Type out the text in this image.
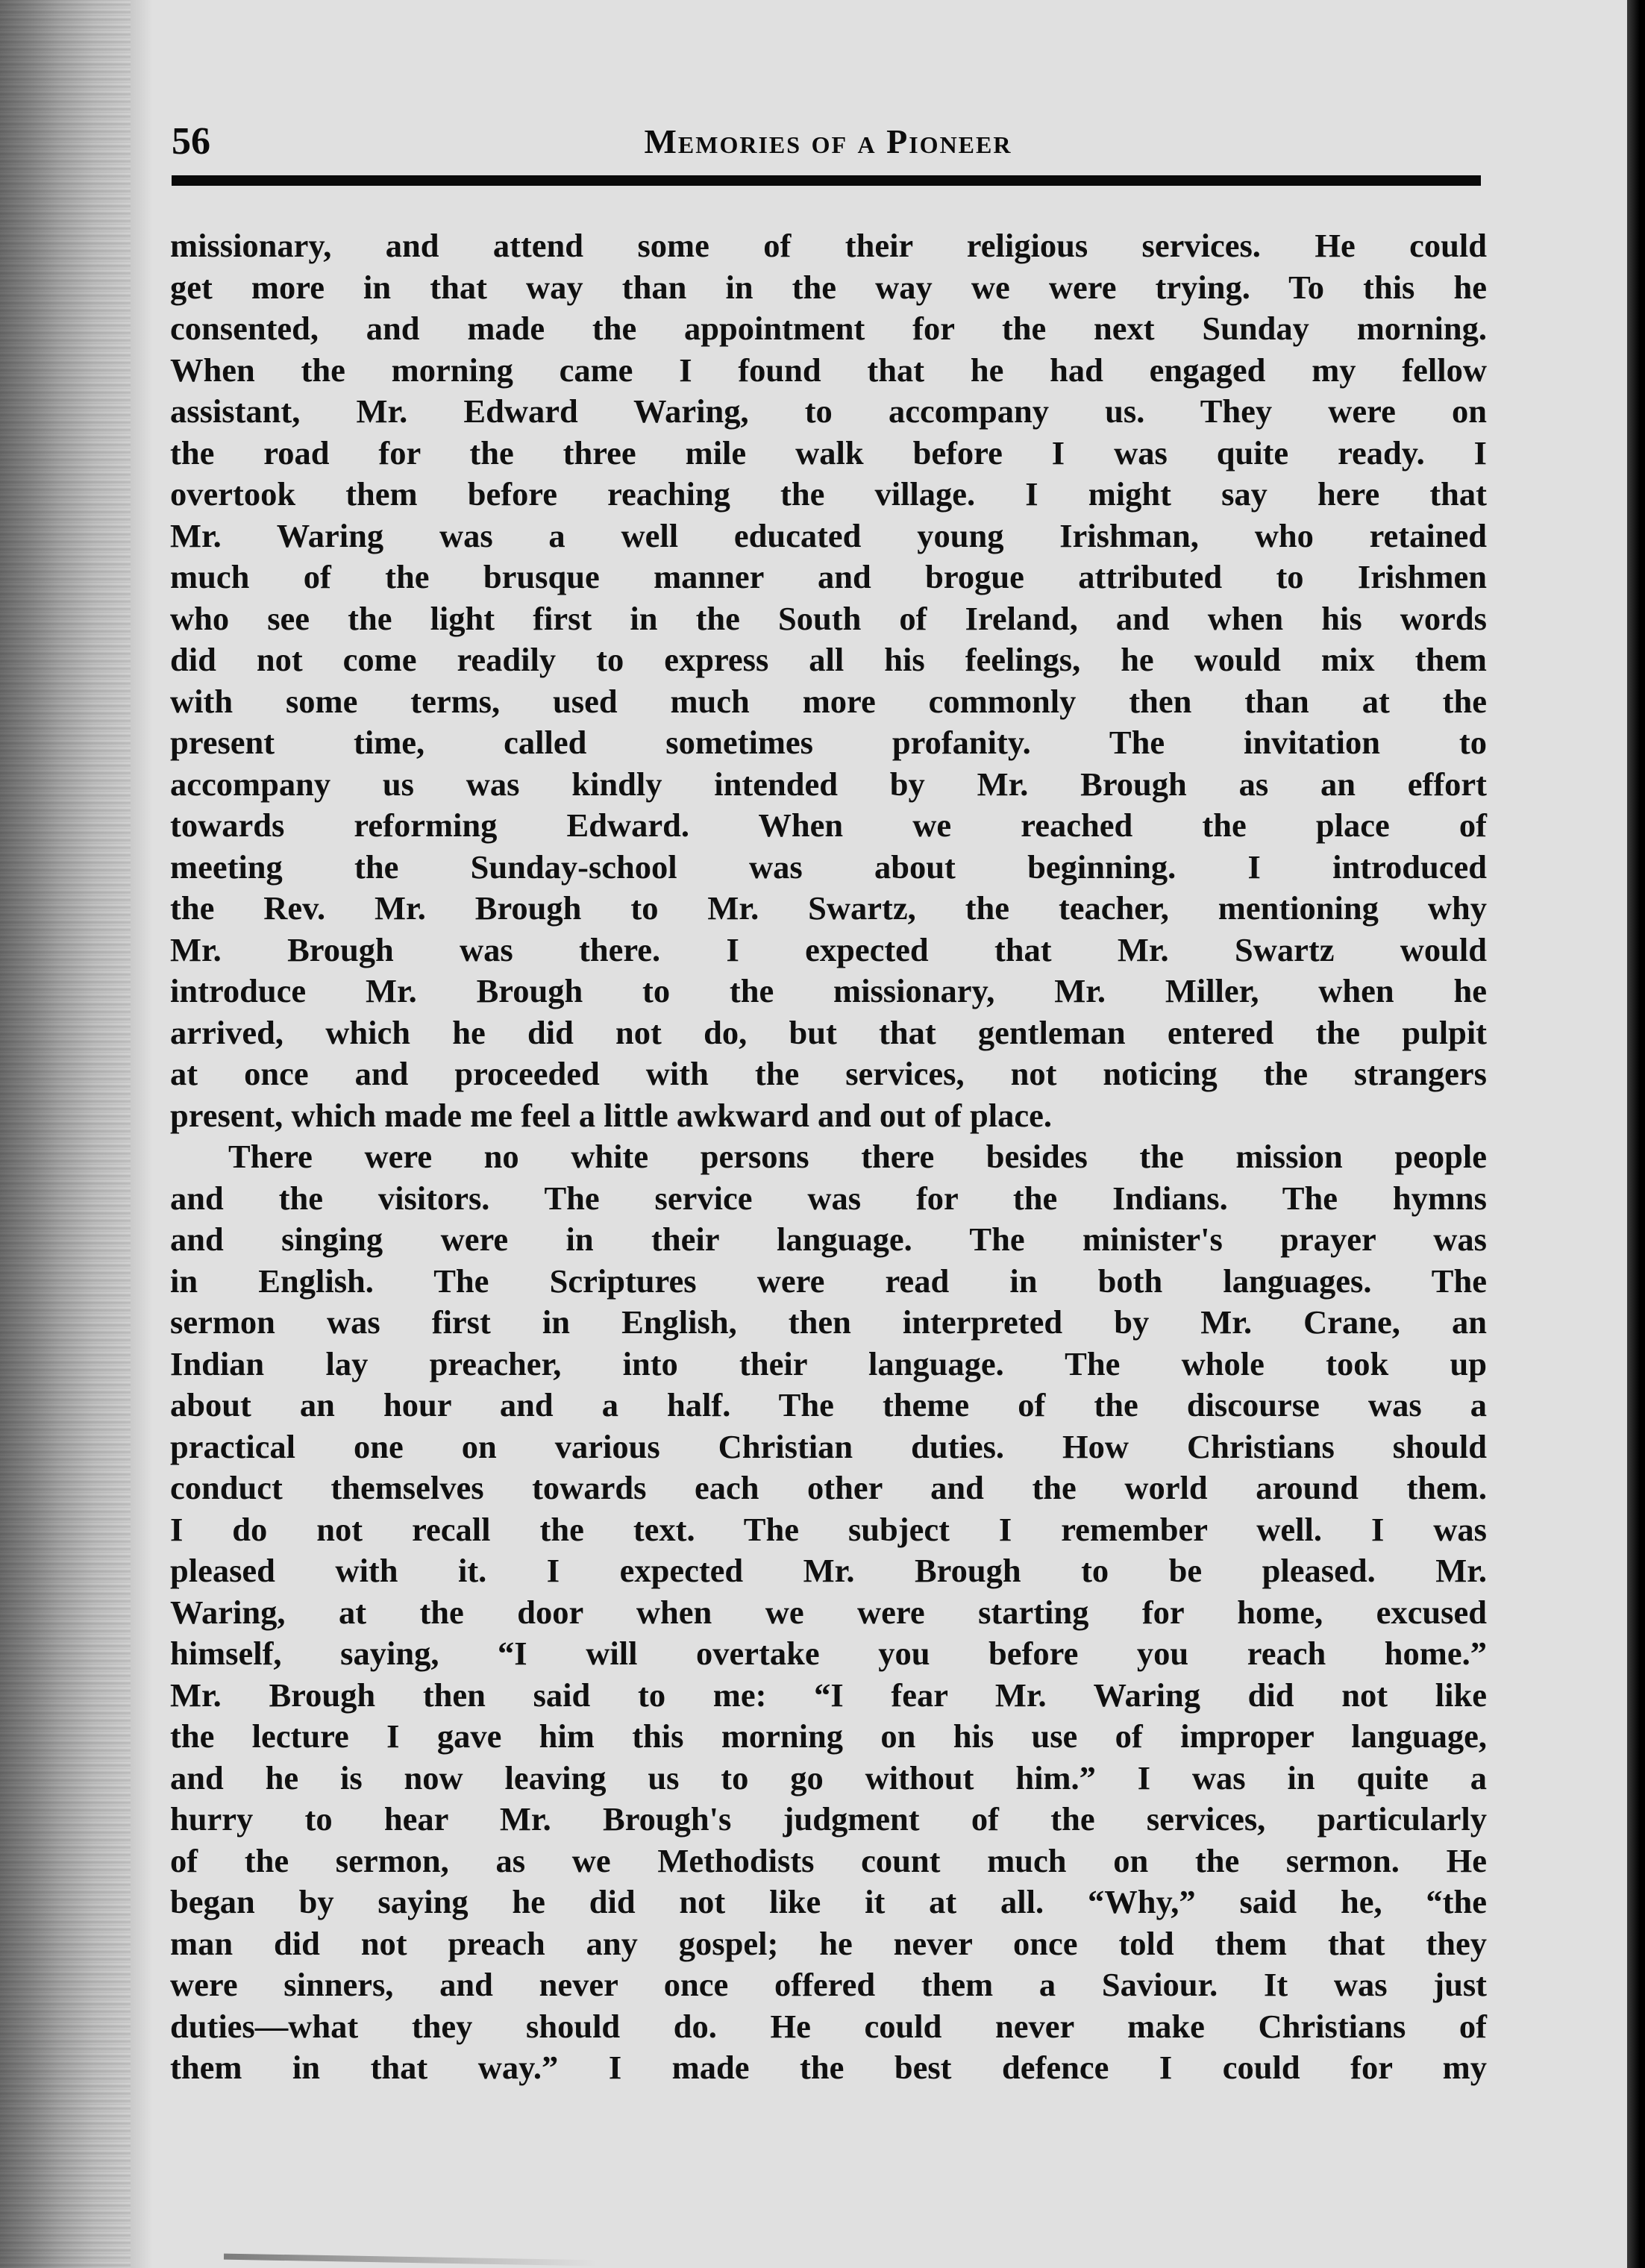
56	Memories of a Pioneer
missionary, and attend some of their religious services. He could
get more in that way than in the way we were trying. To this he
consented, and made the appointment for the next Sunday morning.
When the morning came I found that he had engaged my fellow
assistant, Mr. Edward Waring, to accompany us. They were on
the road for the three mile walk before I was quite ready. I
overtook them before reaching the village. I might say here that
Mr. Waring was a well educated young Irishman, who retained
much of the brusque manner and brogue attributed to Irishmen
who see the light first in the South of Ireland, and when his words
did not come readily to express all his feelings, he would mix them
with some terms, used much more commonly then than at the
present time, called sometimes profanity. The invitation to
accompany us was kindly intended by Mr. Brough as an effort
towards reforming Edward. When we reached the place of
meeting the Sunday-school was about beginning. I introduced
the Rev. Mr. Brough to Mr. Swartz, the teacher, mentioning why
Mr. Brough was there. I expected that Mr. Swartz would
introduce Mr. Brough to the missionary, Mr. Miller, when he
arrived, which he did not do, but that gentleman entered the pulpit
at once and proceeded with the services, not noticing the strangers
present, which made me feel a little awkward and out of place.
There were no white persons there besides the mission people
and the visitors. The service was for the Indians. The hymns
and singing were in their language. The minister's prayer was
in English. The Scriptures were read in both languages. The
sermon was first in English, then interpreted by Mr. Crane, an
Indian lay preacher, into their language. The whole took up
about an hour and a half. The theme of the discourse was a
practical one on various Christian duties. How Christians should
conduct themselves towards each other and the world around them.
I do not recall the text. The subject I remember well. I was
pleased with it. I expected Mr. Brough to be pleased. Mr.
Waring, at the door when we were starting for home, excused
himself, saying, “I will overtake you before you reach home.”
Mr. Brough then said to me: “I fear Mr. Waring did not like
the lecture I gave him this morning on his use of improper language,
and he is now leaving us to go without him.” I was in quite a
hurry to hear Mr. Brough's judgment of the services, particularly
of the sermon, as we Methodists count much on the sermon. He
began by saying he did not like it at all. “Why,” said he, “the
man did not preach any gospel; he never once told them that they
were sinners, and never once offered them a Saviour. It was just
duties—what they should do. He could never make Christians of
them in that way.” I made the best defence I could for my
